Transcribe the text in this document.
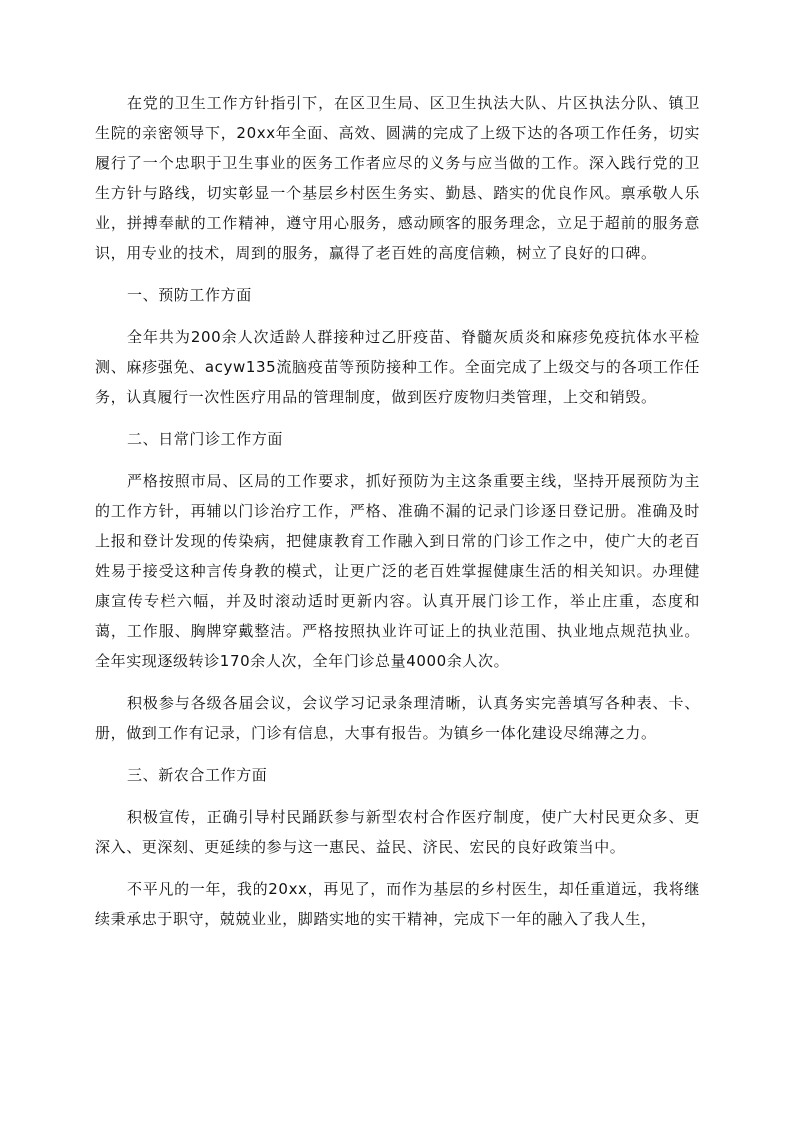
在党的卫生工作方针指引下，在区卫生局、区卫生执法大队、片区执法分队、镇卫生院的亲密领导下，20xx年全面、高效、圆满的完成了上级下达的各项工作任务，切实履行了一个忠职于卫生事业的医务工作者应尽的义务与应当做的工作。深入践行党的卫生方针与路线，切实彰显一个基层乡村医生务实、勤恳、踏实的优良作风。禀承敬人乐业，拼搏奉献的工作精神，遵守用心服务，感动顾客的服务理念，立足于超前的服务意识，用专业的技术，周到的服务，赢得了老百姓的高度信赖，树立了良好的口碑。

一、预防工作方面

全年共为200余人次适龄人群接种过乙肝疫苗、脊髓灰质炎和麻疹免疫抗体水平检测、麻疹强免、acyw135流脑疫苗等预防接种工作。全面完成了上级交与的各项工作任务，认真履行一次性医疗用品的管理制度，做到医疗废物归类管理，上交和销毁。

二、日常门诊工作方面

严格按照市局、区局的工作要求，抓好预防为主这条重要主线，坚持开展预防为主的工作方针，再辅以门诊治疗工作，严格、准确不漏的记录门诊逐日登记册。准确及时上报和登计发现的传染病，把健康教育工作融入到日常的门诊工作之中，使广大的老百姓易于接受这种言传身教的模式，让更广泛的老百姓掌握健康生活的相关知识。办理健康宣传专栏六幅，并及时滚动适时更新内容。认真开展门诊工作，举止庄重，态度和蔼，工作服、胸牌穿戴整洁。严格按照执业许可证上的执业范围、执业地点规范执业。全年实现逐级转诊170余人次，全年门诊总量4000余人次。

积极参与各级各届会议，会议学习记录条理清晰，认真务实完善填写各种表、卡、册，做到工作有记录，门诊有信息，大事有报告。为镇乡一体化建设尽绵薄之力。

三、新农合工作方面

积极宣传，正确引导村民踊跃参与新型农村合作医疗制度，使广大村民更众多、更深入、更深刻、更延续的参与这一惠民、益民、济民、宏民的良好政策当中。

不平凡的一年，我的20xx，再见了，而作为基层的乡村医生，却任重道远，我将继续秉承忠于职守，兢兢业业，脚踏实地的实干精神，完成下一年的融入了我人生，
